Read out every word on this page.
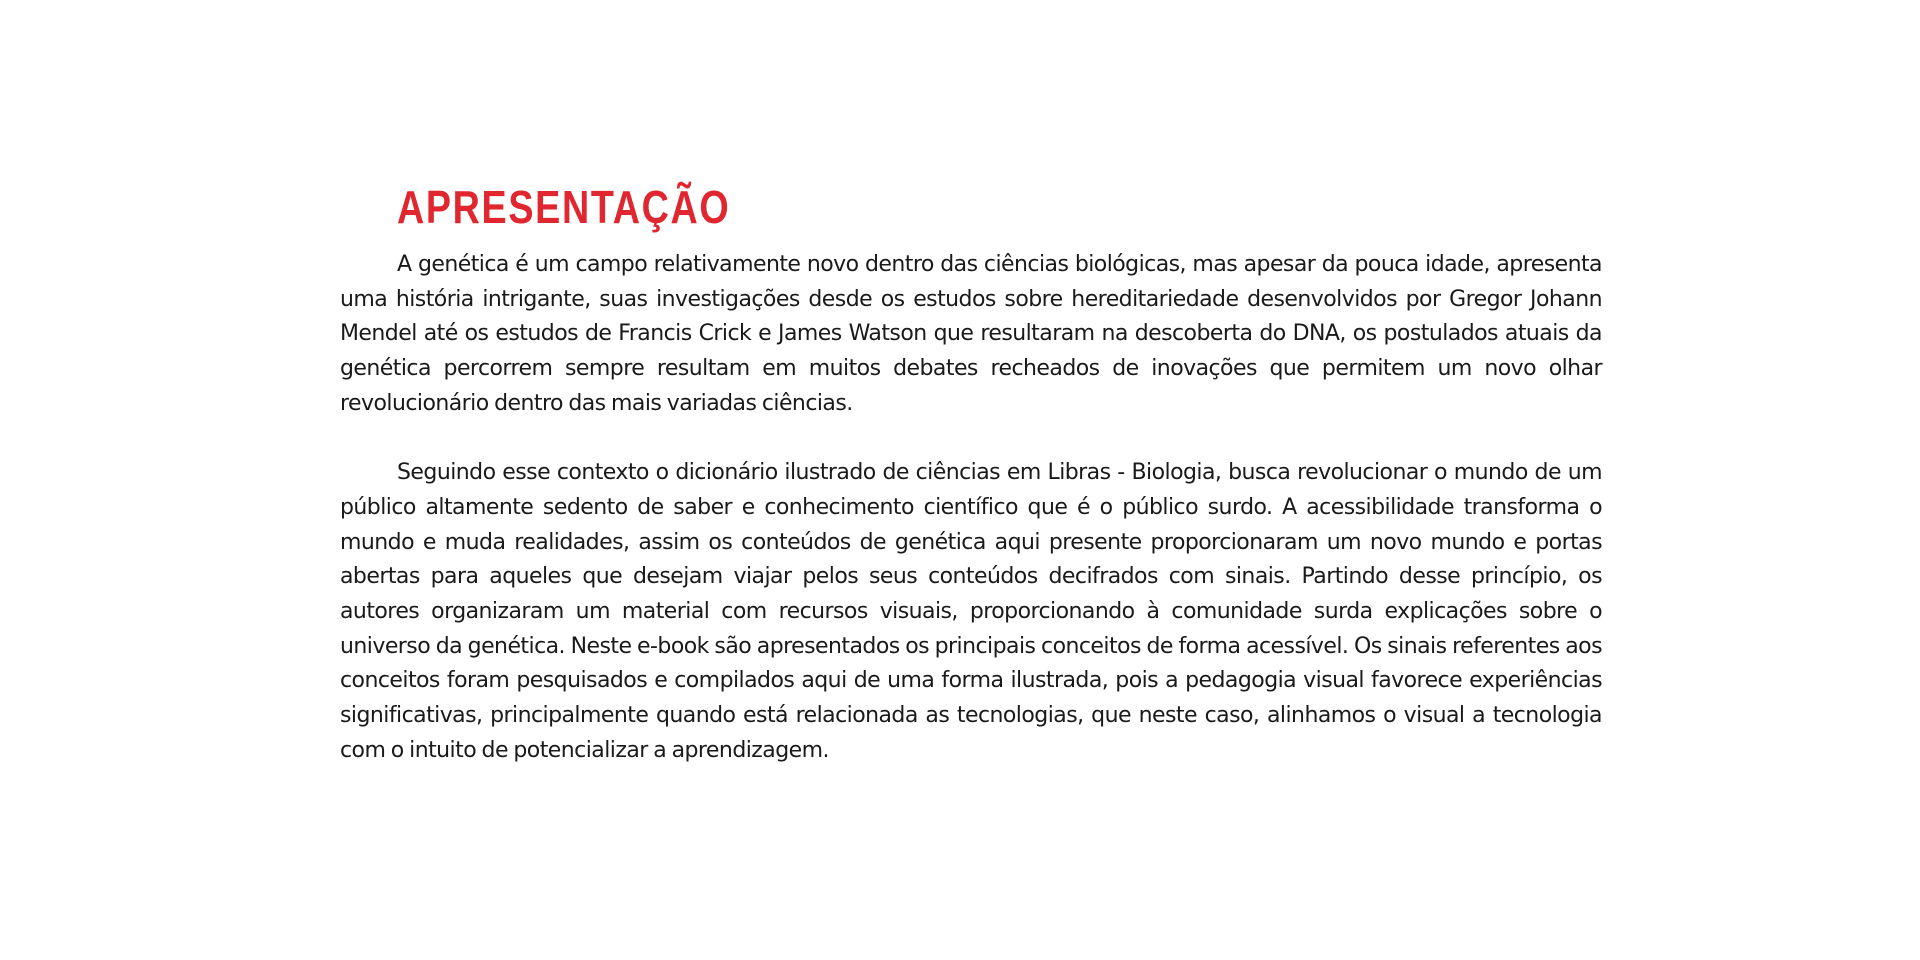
APRESENTAÇÃO

A genética é um campo relativamente novo dentro das ciências biológicas, mas apesar da pouca idade, apresenta uma história intrigante, suas investigações desde os estudos sobre hereditariedade desenvolvidos por Gregor Johann Mendel até os estudos de Francis Crick e James Watson que resultaram na descoberta do DNA, os postulados atuais da genética percorrem sempre resultam em muitos debates recheados de inovações que permitem um novo olhar revolucionário dentro das mais variadas ciências.

Seguindo esse contexto o dicionário ilustrado de ciências em Libras - Biologia, busca revolucionar o mundo de um público altamente sedento de saber e conhecimento científico que é o público surdo. A acessibilidade transforma o mundo e muda realidades, assim os conteúdos de genética aqui presente proporcionaram um novo mundo e portas abertas para aqueles que desejam viajar pelos seus conteúdos decifrados com sinais. Partindo desse princípio, os autores organizaram um material com recursos visuais, proporcionando à comunidade surda explicações sobre o universo da genética. Neste e-book são apresentados os principais conceitos de forma acessível. Os sinais referentes aos conceitos foram pesquisados e compilados aqui de uma forma ilustrada, pois a pedagogia visual favorece experiências significativas, principalmente quando está relacionada as tecnologias, que neste caso, alinhamos o visual a tecnologia com o intuito de potencializar a aprendizagem.
